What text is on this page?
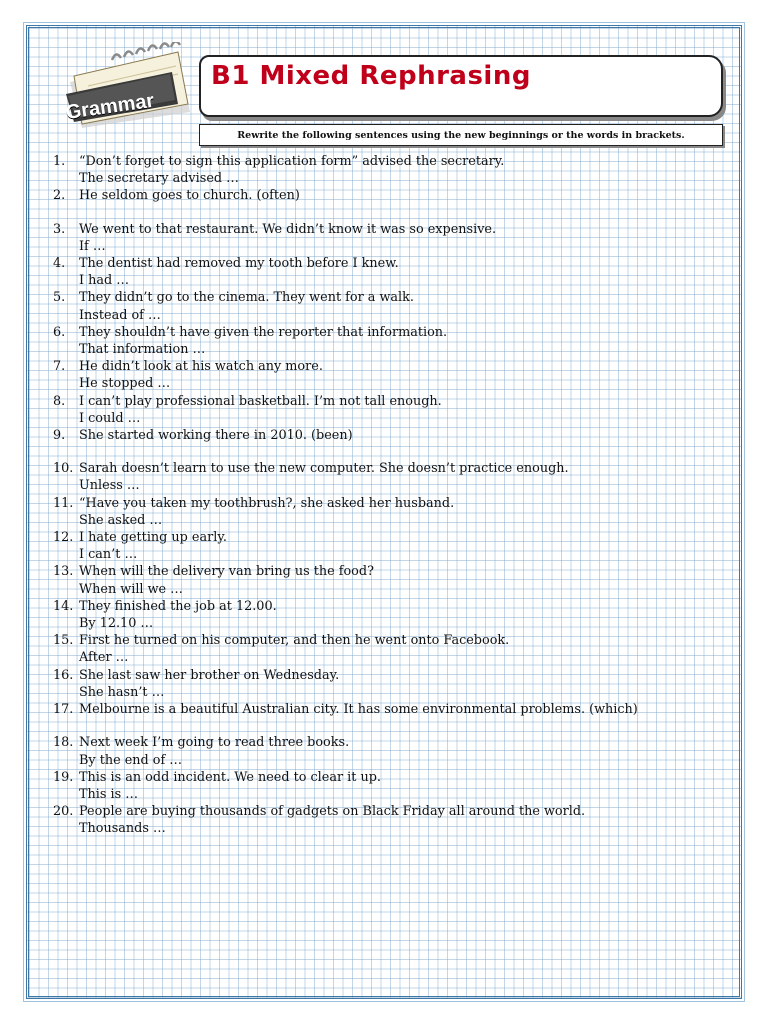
Grammar
B1 Mixed Rephrasing
Rewrite the following sentences using the new beginnings or the words in brackets.
1.	“Don’t forget to sign this application form” advised the secretary.
The secretary advised …
2.	He seldom goes to church. (often)
3.	We went to that restaurant. We didn’t know it was so expensive.
If …
4.	The dentist had removed my tooth before I knew.
I had …
5.	They didn’t go to the cinema. They went for a walk.
Instead of …
6.	They shouldn’t have given the reporter that information.
That information …
7.	He didn’t look at his watch any more.
He stopped …
8.	I can’t play professional basketball. I’m not tall enough.
I could …
9.	She started working there in 2010. (been)
10. Sarah doesn’t learn to use the new computer. She doesn’t practice enough.
Unless …
11. “Have you taken my toothbrush?, she asked her husband.
She asked …
12. I hate getting up early.
I can’t …
13. When will the delivery van bring us the food?
When will we …
14. They finished the job at 12.00.
By 12.10 …
15. First he turned on his computer, and then he went onto Facebook.
After …
16. She last saw her brother on Wednesday.
She hasn’t …
17. Melbourne is a beautiful Australian city. It has some environmental problems. (which)
18. Next week I’m going to read three books.
By the end of …
19. This is an odd incident. We need to clear it up.
This is …
20. People are buying thousands of gadgets on Black Friday all around the world.
Thousands …
